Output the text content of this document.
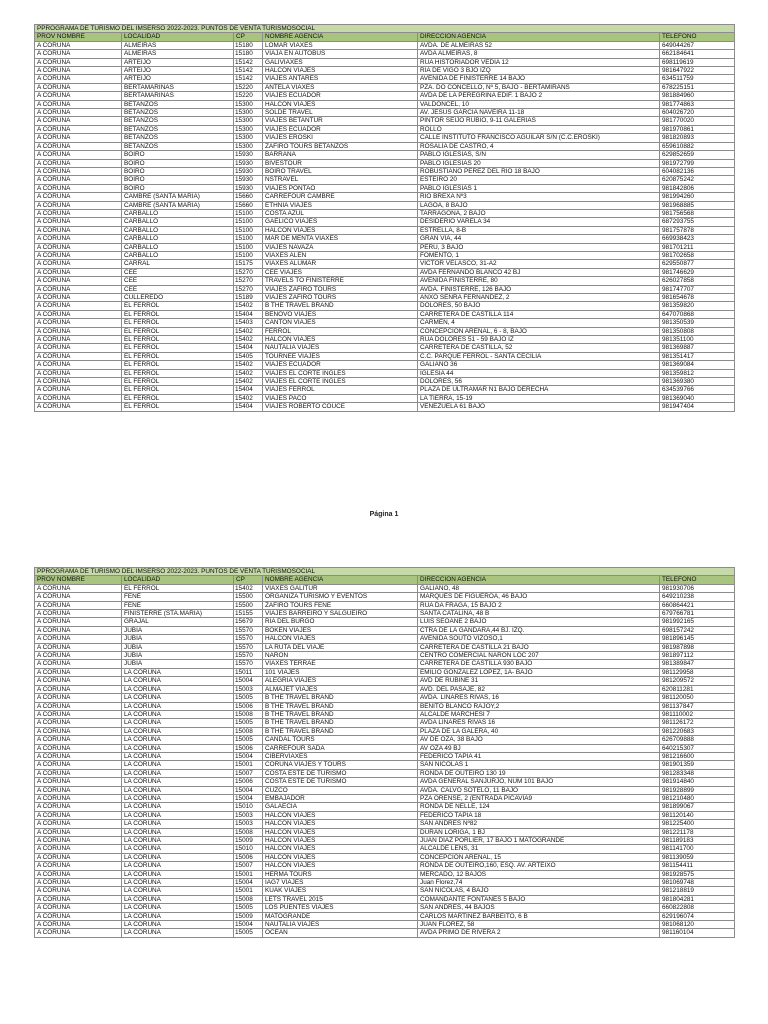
PPROGRAMA DE TURISMO DEL IMSERSO 2022-2023. PUNTOS DE VENTA TURISMOSOCIAL					
PROV NOMBRE	LOCALIDAD	CP	NOMBRE AGENCIA	DIRECCION AGENCIA	TELEFONO
A CORUÑA	ALMEIRAS	15180	LOMAR VIAXES	AVDA. DE ALMEIRAS 52	649044267
A CORUÑA	ALMEIRAS	15180	VIAJA EN AUTOBUS	AVDA ALMEIRAS, 8	662184641
A CORUÑA	ARTEIJO	15142	GALIVIAXES	RUA HISTORIADOR VEDIA 12	698119619
A CORUÑA	ARTEIJO	15142	HALCON VIAJES	RIA DE VIGO 3 BJO IZQ	981647922
A CORUÑA	ARTEIJO	15142	VIAJES ANTARES	AVENIDA DE FINISTERRE 14 BAJO	634511759
A CORUÑA	BERTAMARINAS	15220	ANTELA VIAXES	PZA. DO CONCELLO, Nº 5, BAJO - BERTAMIRÁNS	678225151
A CORUÑA	BERTAMARINAS	15220	VIAJES ECUADOR	AVDA DE LA PEREGRINA EDIF. 1 BAJO 2	981884960
A CORUÑA	BETANZOS	15300	HALCON VIAJES	VALDONCEL, 10	981774863
A CORUÑA	BETANZOS	15300	SOLDE TRAVEL	AV. JESUS GARCIA NAVEIRA 11-18	604026720
A CORUÑA	BETANZOS	15300	VIAJES BETANTUR	PINTOR SEIJO RUBIO, 9-11 GALERIAS	981770020
A CORUÑA	BETANZOS	15300	VIAJES ECUADOR	ROLLO	981970861
A CORUÑA	BETANZOS	15300	VIAJES EROSKI	CALLE INSTITUTO FRANCISCO AGUILAR S/N (C.C.EROSKI)	981820893
A CORUÑA	BETANZOS	15300	ZAFIRO TOURS BETANZOS	ROSALÍA DE CASTRO, 4	659610882
A CORUÑA	BOIRO	15930	BARRAÑA	PABLO IGLESIAS, S/N	629852659
A CORUÑA	BOIRO	15930	BIVESTOUR	PABLO IGLESIAS 20	981972799
A CORUÑA	BOIRO	15930	BOIRO TRAVEL	ROBUSTIANO PEREZ DEL RIO 18 BAJO	604082136
A CORUÑA	BOIRO	15930	NSTRAVEL	ESTEIRO 20	620875242
A CORUÑA	BOIRO	15930	VIAJES PONTAO	PABLO IGLESIAS 1	981842806
A CORUÑA	CAMBRE (SANTA MARIA)	15660	CARREFOUR CAMBRE	RIO BREXA Nº3	981994260
A CORUÑA	CAMBRE (SANTA MARIA)	15660	ETHNIA VIAJES	LAGOA, 8 BAJO	981968885
A CORUÑA	CARBALLO	15100	COSTA AZUL	TARRAGONA, 2 BAJO	981756568
A CORUÑA	CARBALLO	15100	GAELICO VIAJES	DESIDERIO VARELA 34	687293755
A CORUÑA	CARBALLO	15100	HALCON VIAJES	ESTRELLA, 8-B	981757878
A CORUÑA	CARBALLO	15100	MAR DE MENTA VIAXES	GRAN VIA, 44	669938423
A CORUÑA	CARBALLO	15100	VIAJES NAVAZA	PERU, 3 BAJO	981701211
A CORUÑA	CARBALLO	15100	VIAXES ALEN	FOMENTO, 1	981702658
A CORUÑA	CARRAL	15175	VIAXES ALUMAR	VICTOR VELASCO, 31-A2	629550877
A CORUÑA	CEE	15270	CEE VIAJES	AVDA FERNANDO BLANCO 42 BJ	981746629
A CORUÑA	CEE	15270	TRAVELS TO FINISTERRE	AVENIDA FINISTERRE, 80	626027858
A CORUÑA	CEE	15270	VIAJES ZAFIRO TOURS	AVDA. FINISTERRE, 126 BAJO	981747707
A CORUÑA	CULLEREDO	15189	VIAJES ZAFIRO TOURS	ANXO SENRA FERNANDEZ, 2	981654678
A CORUÑA	EL FERROL	15402	B THE TRAVEL BRAND	DOLORES, 50 BAJO	981359820
A CORUÑA	EL FERROL	15404	BENOVO VIAJES	CARRETERA DE CASTILLA 114	647070868
A CORUÑA	EL FERROL	15403	CANTON VIAJES	CARMEN, 4	981350539
A CORUÑA	EL FERROL	15402	FERROL	CONCEPCIÓN ARENAL, 6 - 8, BAJO	981350808
A CORUÑA	EL FERROL	15402	HALCON VIAJES	RÚA DOLORES 51 - 59 BAJO IZ	981351100
A CORUÑA	EL FERROL	15404	NAUTALIA VIAJES	CARRETERA DE CASTILLA, 52	981369887
A CORUÑA	EL FERROL	15405	TOURNEE VIAJES	C.C. PARQUE FERROL - SANTA CECILIA	981351417
A CORUÑA	EL FERROL	15402	VIAJES ECUADOR	GALIANO 36	981369084
A CORUÑA	EL FERROL	15402	VIAJES EL CORTE INGLES	IGLESIA 44	981359812
A CORUÑA	EL FERROL	15402	VIAJES EL CORTE INGLES	DOLORES, 56	981369380
A CORUÑA	EL FERROL	15404	VIAJES FERROL	PLAZA DE ULTRAMAR N1 BAJO DERECHA	634539766
A CORUÑA	EL FERROL	15402	VIAJES PACO	LA TIERRA, 15-19	981369040
A CORUÑA	EL FERROL	15404	VIAJES ROBERTO COUCE	VENEZUELA 61 BAJO	981947404
Página 1
PPROGRAMA DE TURISMO DEL IMSERSO 2022-2023. PUNTOS DE VENTA TURISMOSOCIAL					
PROV NOMBRE	LOCALIDAD	CP	NOMBRE AGENCIA	DIRECCION AGENCIA	TELEFONO
A CORUÑA	EL FERROL	15402	VIAXES GALITUR	GALIANO, 48	981930706
A CORUÑA	FENE	15500	ORGANIZA TURISMO Y EVENTOS	MARQUÉS DE FIGUEROA, 46 BAJO	649210238
A CORUÑA	FENE	15500	ZAFIRO TOURS FENE	RÚA DA FRAGA, 15 BAJO 2	660864421
A CORUÑA	FINISTERRE (STA.MARIA)	15155	VIAJES BARREIRO Y SALGUEIRO	SANTA CATALINA, 48 B	679766781
A CORUÑA	GRAJAL	15679	RIA DEL BURGO	LUIS SEOANE 2 BAJO	981992165
A CORUÑA	JUBIA	15570	BOKEN VIAJES	CTRA DE LA GÁNDARA,44 BJ. IZQ.	698157242
A CORUÑA	JUBIA	15570	HALCON VIAJES	AVENIDA SOUTO VIZOSO,1	981896145
A CORUÑA	JUBIA	15570	LA RUTA DEL VIAJE	CARRETERA DE CASTILLA 21 BAJO	981987898
A CORUÑA	JUBIA	15570	NARON	CENTRO COMERCIAL NARON LOC 207	981897112
A CORUÑA	JUBIA	15570	VIAXES TERRAE	CARRETERA DE CASTILLA 930 BAJO	981389847
A CORUÑA	LA CORUÑA	15011	101 VIAJES	EMILIO GONZALEZ LOPEZ, 1A- BAJO	981129958
A CORUÑA	LA CORUÑA	15004	ALEGRIA VIAJES	AVD DE RUBINE 31	981209572
A CORUÑA	LA CORUÑA	15003	ALMAJET VIAJES	AVD. DEL PASAJE, 82	620811281
A CORUÑA	LA CORUÑA	15005	B THE TRAVEL BRAND	AVDA. LINARES RIVAS, 16	981120050
A CORUÑA	LA CORUÑA	15006	B THE TRAVEL BRAND	BENITO BLANCO RAJOY,2	981137847
A CORUÑA	LA CORUÑA	15008	B THE TRAVEL BRAND	ALCALDE MARCHESI 7	981110002
A CORUÑA	LA CORUÑA	15005	B THE TRAVEL BRAND	AVDA LINARES RIVAS 16	981126172
A CORUÑA	LA CORUÑA	15008	B THE TRAVEL BRAND	PLAZA DE LA GALERA, 40	981220683
A CORUÑA	LA CORUÑA	15005	CANDAL TOURS	AV DE OZA, 38 BAJO	626709888
A CORUÑA	LA CORUÑA	15006	CARREFOUR SADA	AV OZA 49 BJ	640215307
A CORUÑA	LA CORUÑA	15004	CIBERVIAXES	FEDERICO TAPIA 41	981216600
A CORUÑA	LA CORUÑA	15001	CORUÑA VIAJES Y TOURS	SAN NICOLAS 1	981901359
A CORUÑA	LA CORUÑA	15007	COSTA ESTE DE TURISMO	RONDA DE OUTEIRO 130 19	981283348
A CORUÑA	LA CORUÑA	15006	COSTA ESTE DE TURISMO	AVDA GENERAL SANJURJO, NUM 101 BAJO	981914840
A CORUÑA	LA CORUÑA	15004	CUZCO	AVDA. CALVO SOTELO, 11 BAJO	981928899
A CORUÑA	LA CORUÑA	15004	EMBAJADOR	PZA ORENSE, 2 (ENTRADA PICAVIA9	981210480
A CORUÑA	LA CORUÑA	15010	GALAECIA	RONDA DE NELLE, 124	981899067
A CORUÑA	LA CORUÑA	15003	HALCON VIAJES	FEDERICO TAPIA 18	981120140
A CORUÑA	LA CORUÑA	15003	HALCON VIAJES	SAN ANDRES Nº82	981225400
A CORUÑA	LA CORUÑA	15008	HALCON VIAJES	DURAN LORIGA, 1 BJ	981221178
A CORUÑA	LA CORUÑA	15009	HALCON VIAJES	JUAN DÍAZ PORLIER, 17 BAJO 1 MATOGRANDE	981189183
A CORUÑA	LA CORUÑA	15010	HALCON VIAJES	ALCALDE LENS, 31	981141700
A CORUÑA	LA CORUÑA	15006	HALCON VIAJES	CONCEPCION ARENAL, 15	981139059
A CORUÑA	LA CORUÑA	15007	HALCON VIAJES	RONDA DE OUTEIRO,160, ESQ. AV. ARTEIXO	981154411
A CORUÑA	LA CORUÑA	15001	HERMA TOURS	MERCADO, 12 BAJOS	981928575
A CORUÑA	LA CORUÑA	15004	IAG7 VIAJES	Juan Florez,74	981069748
A CORUÑA	LA CORUÑA	15001	KUAK VIAJES	SAN NICOLAS, 4 BAJO	981218819
A CORUÑA	LA CORUÑA	15008	LETS TRAVEL 2015	COMANDANTE FONTANES 5 BAJO	981804281
A CORUÑA	LA CORUÑA	15005	LOS PUENTES VIAJES	SAN ANDRES, 44 BAJOS	660822808
A CORUÑA	LA CORUÑA	15009	MATOGRANDE	CARLOS MARTINEZ BARBEITO, 6 B	629196074
A CORUÑA	LA CORUÑA	15004	NAUTALIA VIAJES	JUAN FLOREZ, 58	981068120
A CORUÑA	LA CORUÑA	15005	OCEAN	AVDA PRIMO DE RIVERA 2	981160104
